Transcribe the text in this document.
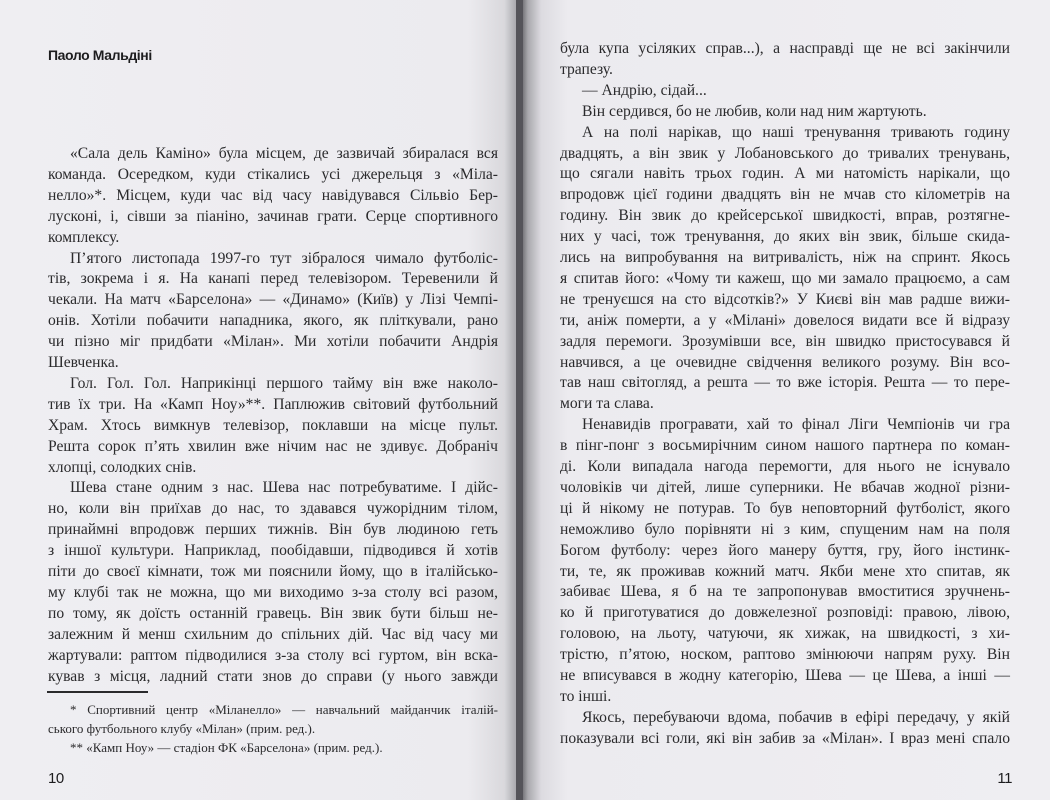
Паоло Мальдіні
10
«Сала дель Каміно» була місцем, де зазвичай збиралася вся
команда. Осередком, куди стікались усі джерельця з «Міла-
нелло»*. Місцем, куди час від часу навідувався Сільвіо Бер-
лусконі, і, сівши за піаніно, зачинав грати. Серце спортивного
комплексу.
П’ятого листопада 1997-го тут зібралося чимало футболіс-
тів, зокрема і я. На канапі перед телевізором. Теревенили й
чекали. На матч «Барселона» — «Динамо» (Київ) у Лізі Чемпі-
онів. Хотіли побачити нападника, якого, як пліткували, рано
чи пізно міг придбати «Мілан». Ми хотіли побачити Андрія
Шевченка.
Гол. Гол. Гол. Наприкінці першого тайму він вже наколо-
тив їх три. На «Камп Ноу»**. Паплюжив світовий футбольний
Храм. Хтось вимкнув телевізор, поклавши на місце пульт.
Решта сорок п’ять хвилин вже нічим нас не здивує. Добраніч
хлопці, солодких снів.
Шева стане одним з нас. Шева нас потребуватиме. І дійс-
но, коли він приїхав до нас, то здавався чужорідним тілом,
принаймні впродовж перших тижнів. Він був людиною геть
з іншої культури. Наприклад, пообідавши, підводився й хотів
піти до своєї кімнати, тож ми пояснили йому, що в італійсько-
му клубі так не можна, що ми виходимо з-за столу всі разом,
по тому, як доїсть останній гравець. Він звик бути більш не-
залежним й менш схильним до спільних дій. Час від часу ми
жартували: раптом підводилися з-за столу всі гуртом, він вска-
кував з місця, ладний стати знов до справи (у нього завжди
* Спортивний центр «Міланелло» — навчальний майданчик італій-
ського футбольного клубу «Мілан» (прим. ред.).
** «Камп Ноу» — стадіон ФК «Барселона» (прим. ред.).
11
була купа усіляких справ...), а насправді ще не всі закінчили
трапезу.
— Андрію, сідай...
Він сердився, бо не любив, коли над ним жартують.
А на полі нарікав, що наші тренування тривають годину
двадцять, а він звик у Лобановського до тривалих тренувань,
що сягали навіть трьох годин. А ми натомість нарікали, що
впродовж цієї години двадцять він не мчав сто кілометрів на
годину. Він звик до крейсерської швидкості, вправ, розтягне-
них у часі, тож тренування, до яких він звик, більше скида-
лись на випробування на витривалість, ніж на спринт. Якось
я спитав його: «Чому ти кажеш, що ми замало працюємо, а сам
не тренуєшся на сто відсотків?» У Києві він мав радше вижи-
ти, аніж померти, а у «Мілані» довелося видати все й відразу
задля перемоги. Зрозумівши все, він швидко пристосувався й
навчився, а це очевидне свідчення великого розуму. Він всо-
тав наш світогляд, а решта — то вже історія. Решта — то пере-
моги та слава.
Ненавидів програвати, хай то фінал Ліги Чемпіонів чи гра
в пінг-понг з восьмирічним сином нашого партнера по коман-
ді. Коли випадала нагода перемогти, для нього не існувало
чоловіків чи дітей, лише суперники. Не вбачав жодної різни-
ці й нікому не потурав. То був неповторний футболіст, якого
неможливо було порівняти ні з ким, спущеним нам на поля
Богом футболу: через його манеру буття, гру, його інстинк-
ти, те, як проживав кожний матч. Якби мене хто спитав, як
забиває Шева, я б на те запропонував вмоститися зручнень-
ко й приготуватися до довжелезної розповіді: правою, лівою,
головою, на льоту, чатуючи, як хижак, на швидкості, з хи-
трістю, п’ятою, носком, раптово змінюючи напрям руху. Він
не вписувався в жодну категорію, Шева — це Шева, а інші —
то інші.
Якось, перебуваючи вдома, побачив в ефірі передачу, у якій
показували всі голи, які він забив за «Мілан». І враз мені спало
